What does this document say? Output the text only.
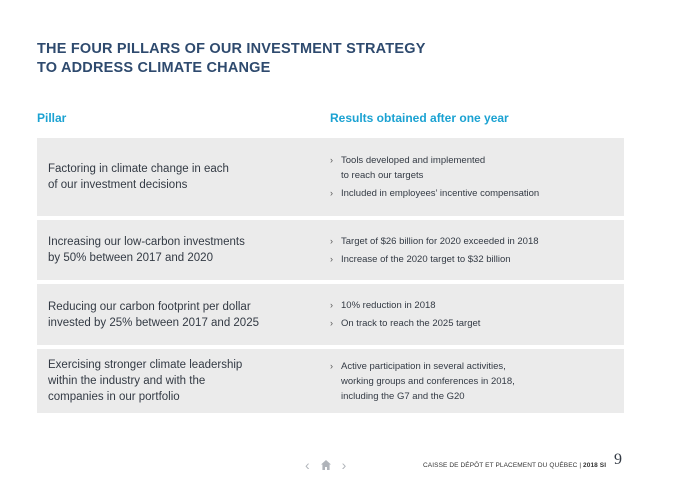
THE FOUR PILLARS OF OUR INVESTMENT STRATEGY
TO ADDRESS CLIMATE CHANGE
Pillar	Results obtained after one year
Factoring in climate change in each
of our investment decisions
› Tools developed and implemented
to reach our targets
› Included in employees’ incentive compensation
Increasing our low-carbon investments
by 50% between 2017 and 2020
› Target of $26 billion for 2020 exceeded in 2018
› Increase of the 2020 target to $32 billion
Reducing our carbon footprint per dollar
invested by 25% between 2017 and 2025
› 10% reduction in 2018
› On track to reach the 2025 target
Exercising stronger climate leadership
within the industry and with the
companies in our portfolio
› Active participation in several activities,
working groups and conferences in 2018,
including the G7 and the G20
‹ ›	CAISSE DE DÉPÔT ET PLACEMENT DU QUÉBEC | 2018 SI 9
